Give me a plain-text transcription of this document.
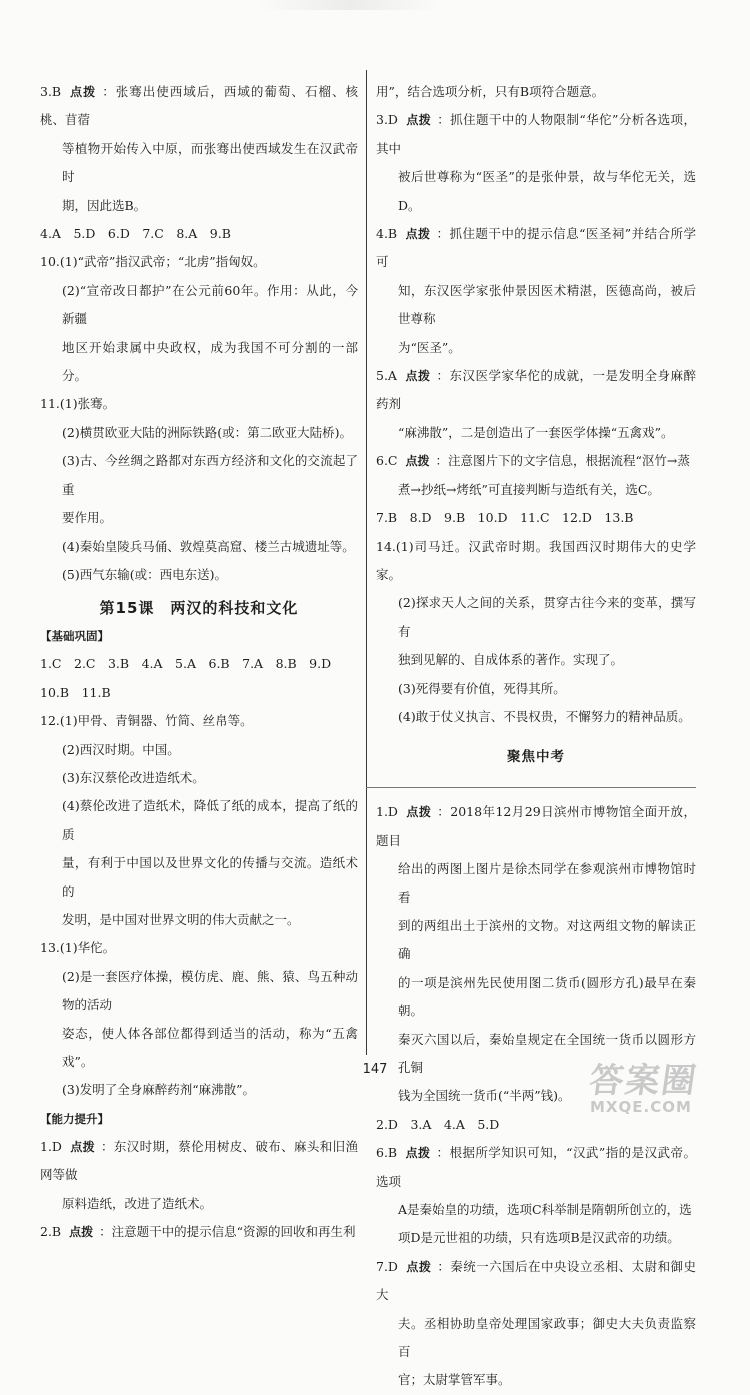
3.B 点拨 ：张骞出使西域后，西域的葡萄、石榴、核桃、苜蓿

等植物开始传入中原，而张骞出使西域发生在汉武帝时

期，因此选B。

4.A　5.D　6.D　7.C　8.A　9.B

10.(1)“武帝”指汉武帝；“北虏”指匈奴。

(2)“宣帝改日都护”在公元前60年。作用：从此，今新疆

地区开始隶属中央政权，成为我国不可分割的一部分。

11.(1)张骞。

(2)横贯欧亚大陆的洲际铁路(或：第二欧亚大陆桥)。

(3)古、今丝绸之路都对东西方经济和文化的交流起了重

要作用。

(4)秦始皇陵兵马俑、敦煌莫高窟、楼兰古城遗址等。

(5)西气东输(或：西电东送)。

第15课　两汉的科技和文化
【基础巩固】

1.C　2.C　3.B　4.A　5.A　6.B　7.A　8.B　9.D

10.B　11.B

12.(1)甲骨、青铜器、竹简、丝帛等。

(2)西汉时期。中国。

(3)东汉蔡伦改进造纸术。

(4)蔡伦改进了造纸术，降低了纸的成本，提高了纸的质

量，有利于中国以及世界文化的传播与交流。造纸术的

发明，是中国对世界文明的伟大贡献之一。

13.(1)华佗。

(2)是一套医疗体操，模仿虎、鹿、熊、猿、鸟五种动物的活动

姿态，使人体各部位都得到适当的活动，称为“五禽戏”。

(3)发明了全身麻醉药剂“麻沸散”。

【能力提升】

1.D 点拨 ：东汉时期，蔡伦用树皮、破布、麻头和旧渔网等做

原料造纸，改进了造纸术。

2.B 点拨 ：注意题干中的提示信息“资源的回收和再生利

用”，结合选项分析，只有B项符合题意。

3.D 点拨 ：抓住题干中的人物限制“华佗”分析各选项，其中

被后世尊称为“医圣”的是张仲景，故与华佗无关，选D。

4.B 点拨 ：抓住题干中的提示信息“医圣祠”并结合所学可

知，东汉医学家张仲景因医术精湛，医德高尚，被后世尊称

为“医圣”。

5.A 点拨 ：东汉医学家华佗的成就，一是发明全身麻醉药剂

“麻沸散”，二是创造出了一套医学体操“五禽戏”。

6.C 点拨 ：注意图片下的文字信息，根据流程“沤竹→蒸

煮→抄纸→烤纸”可直接判断与造纸有关，选C。

7.B　8.D　9.B　10.D　11.C　12.D　13.B

14.(1)司马迁。汉武帝时期。我国西汉时期伟大的史学家。

(2)探求天人之间的关系，贯穿古往今来的变革，撰写有

独到见解的、自成体系的著作。实现了。

(3)死得要有价值，死得其所。

(4)敢于仗义执言、不畏权贵，不懈努力的精神品质。

聚焦中考

1.D 点拨 ：2018年12月29日滨州市博物馆全面开放，题目

给出的两图上图片是徐杰同学在参观滨州市博物馆时看

到的两组出土于滨州的文物。对这两组文物的解读正确

的一项是滨州先民使用图二货币(圆形方孔)最早在秦朝。

秦灭六国以后，秦始皇规定在全国统一货币以圆形方孔铜

钱为全国统一货币(“半两”钱)。

2.D　3.A　4.A　5.D

6.B 点拨 ：根据所学知识可知，“汉武”指的是汉武帝。选项

A是秦始皇的功绩，选项C科举制是隋朝所创立的，选

项D是元世祖的功绩，只有选项B是汉武帝的功绩。

7.D 点拨 ：秦统一六国后在中央设立丞相、太尉和御史大

夫。丞相协助皇帝处理国家政事；御史大夫负责监察百

官；太尉掌管军事。

147	答案圈
MXQE.COM
